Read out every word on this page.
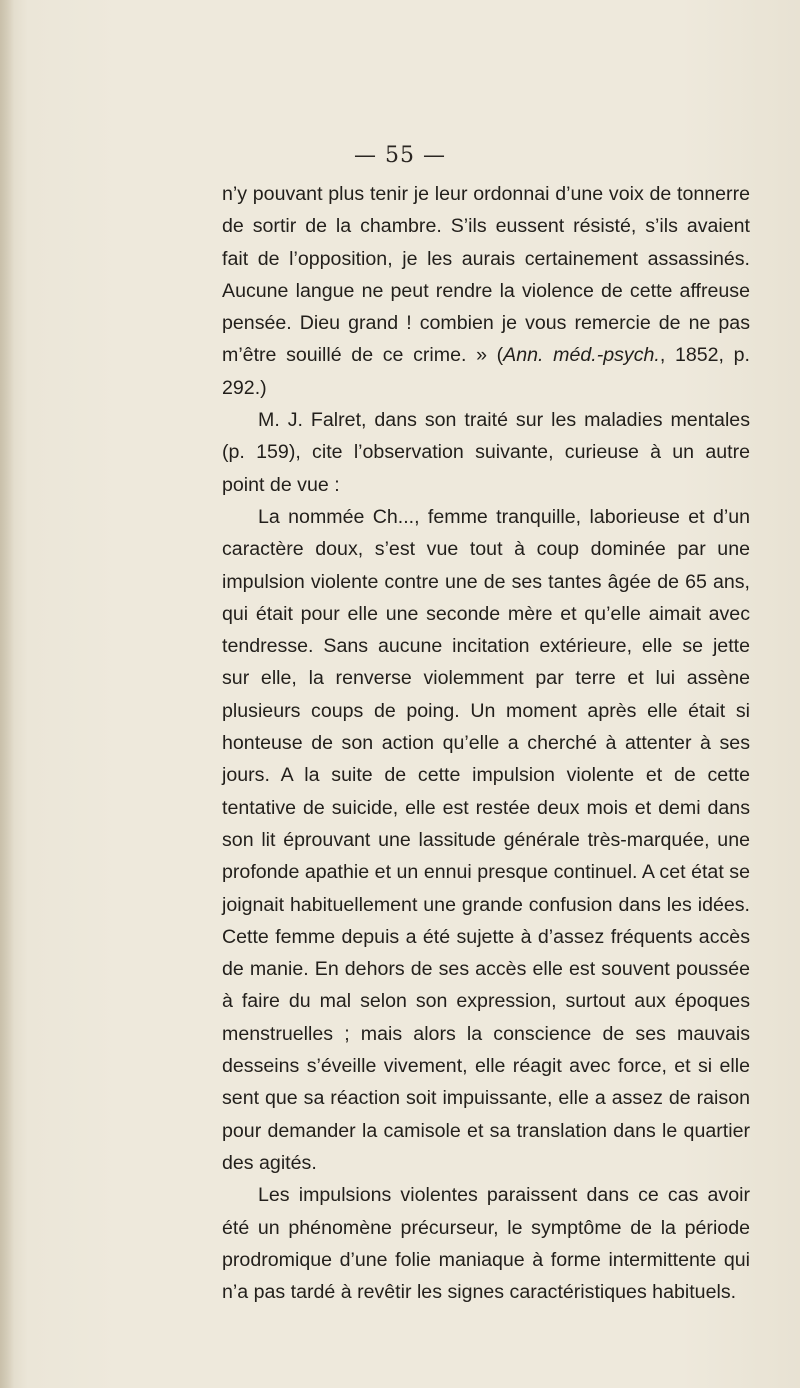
— 55 —

n’y pouvant plus tenir je leur ordonnai d’une voix de tonnerre de sortir de la chambre. S’ils eussent résisté, s’ils avaient fait de l’opposition, je les aurais certainement assassinés. Aucune langue ne peut rendre la violence de cette affreuse pensée. Dieu grand ! combien je vous remercie de ne pas m’être souillé de ce crime. » (Ann. méd.-psych., 1852, p. 292.)

M. J. Falret, dans son traité sur les maladies mentales (p. 159), cite l’observation suivante, curieuse à un autre point de vue :

La nommée Ch..., femme tranquille, laborieuse et d’un caractère doux, s’est vue tout à coup dominée par une impulsion violente contre une de ses tantes âgée de 65 ans, qui était pour elle une seconde mère et qu’elle aimait avec tendresse. Sans aucune incitation extérieure, elle se jette sur elle, la renverse violemment par terre et lui assène plusieurs coups de poing. Un moment après elle était si honteuse de son action qu’elle a cherché à attenter à ses jours. A la suite de cette impulsion violente et de cette tentative de suicide, elle est restée deux mois et demi dans son lit éprouvant une lassitude générale très-marquée, une profonde apathie et un ennui presque continuel. A cet état se joignait habituellement une grande confusion dans les idées. Cette femme depuis a été sujette à d’assez fréquents accès de manie. En dehors de ses accès elle est souvent poussée à faire du mal selon son expression, surtout aux époques menstruelles ; mais alors la conscience de ses mauvais desseins s’éveille vivement, elle réagit avec force, et si elle sent que sa réaction soit impuissante, elle a assez de raison pour demander la camisole et sa translation dans le quartier des agités.

Les impulsions violentes paraissent dans ce cas avoir été un phénomène précurseur, le symptôme de la période prodromique d’une folie maniaque à forme intermittente qui n’a pas tardé à revêtir les signes caractéristiques habituels.
